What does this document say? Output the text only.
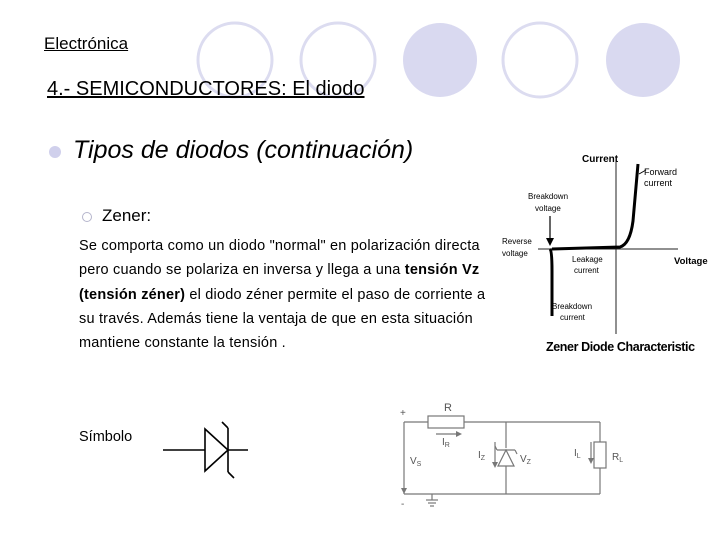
Electrónica
4.- SEMICONDUCTORES: El diodo
Tipos de diodos (continuación)
Zener:
Se comporta como un diodo "normal" en polarización directa pero cuando se polariza en inversa y llega a una tensión Vz (tensión zéner) el diodo zéner permite el paso de corriente a su través. Además tiene la ventaja de que en esta situación mantiene constante la tensión .
Símbolo
Current
Forward
current
Breakdown
voltage
Reverse
voltage
Leakage
current
Voltage
Breakdown
current
Zener Diode Characteristic
+
-
R
$I_R$
$V_S$
$I_Z$	$V_Z$
$I_L$	$R_L$
